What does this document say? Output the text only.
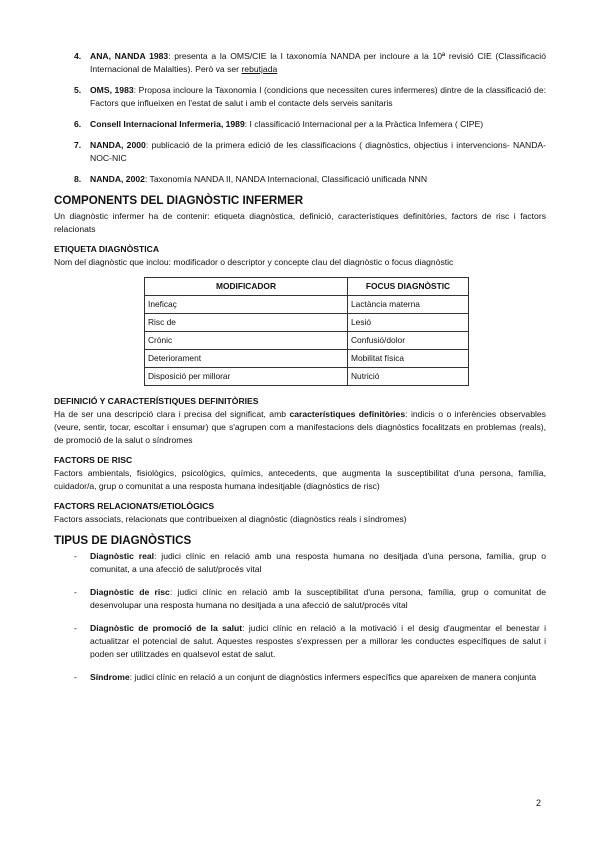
4. ANA, NANDA 1983: presenta a la OMS/CIE la I taxonomía NANDA per incloure a la 10ª revisió CIE (Classificació Internacional de Malalties). Però va ser rebutjada
5. OMS, 1983: Proposa incloure la Taxonomia I (condicions que necessiten cures infermeres) dintre de la classificació de: Factors que influeixen en l'estat de salut i amb el contacte dels serveis sanitaris
6. Consell Internacional Infermeria, 1989: I classificació Internacional per a la Pràctica Infemera ( CIPE)
7. NANDA, 2000: publicació de la primera edició de les classificacions ( diagnòstics, objectius i intervencions- NANDA-NOC-NIC
8. NANDA, 2002: Taxonomía NANDA II, NANDA Internacional, Classificació unificada NNN
COMPONENTS DEL DIAGNÒSTIC INFERMER

Un diagnòstic infermer ha de contenir: etiqueta diagnòstica, definició, característiques definitòries, factors de risc i factors relacionats

ETIQUETA DIAGNÒSTICA

Nom del diagnòstic que inclou: modificador o descriptor y concepte clau del diagnòstic o focus diagnòstic

MODIFICADOR	FOCUS DIAGNÒSTIC
Ineficaç	Lactància materna
Risc de	Lesió
Crònic	Confusió/dolor
Deteriorament	Mobilitat física
Disposició per millorar	Nutrició
DEFINICIÓ Y CARACTERÍSTIQUES DEFINITÒRIES

Ha de ser una descripció clara i precisa del significat, amb característiques definitòries: indicis o o inferències observables (veure, sentir, tocar, escoltar i ensumar) que s'agrupen com a manifestacions dels diagnòstics focalitzats en problemas (reals), de promoció de la salut o síndromes

FACTORS DE RISC

Factors ambientals, fisiològics, psicològics, químics, antecedents, que augmenta la susceptibilitat d'una persona, família, cuidador/a, grup o comunitat a una resposta humana indesitjable (diagnòstics de risc)

FACTORS RELACIONATS/ETIOLÒGICS

Factors associats, relacionats que contribueixen al diagnòstic (diagnòstics reals i síndromes)

TIPUS DE DIAGNÒSTICS
- Diagnòstic real: judici clínic en relació amb una resposta humana no desitjada d'una persona, família, grup o comunitat, a una afecció de salut/procés vital
- Diagnòstic de risc: judici clínic en relació amb la susceptibilitat d'una persona, família, grup o comunitat de desenvolupar una resposta humana no desitjada a una afecció de salut/procés vital
- Diagnòstic de promoció de la salut: judici clínic en relació a la motivació i el desig d'augmentar el benestar i actualitzar el potencial de salut. Aquestes respostes s'expressen per a millorar les conductes específiques de salut i poden ser utilitzades en qualsevol estat de salut.
- Síndrome: judici clínic en relació a un conjunt de diagnòstics infermers específics que apareixen de manera conjunta
2
